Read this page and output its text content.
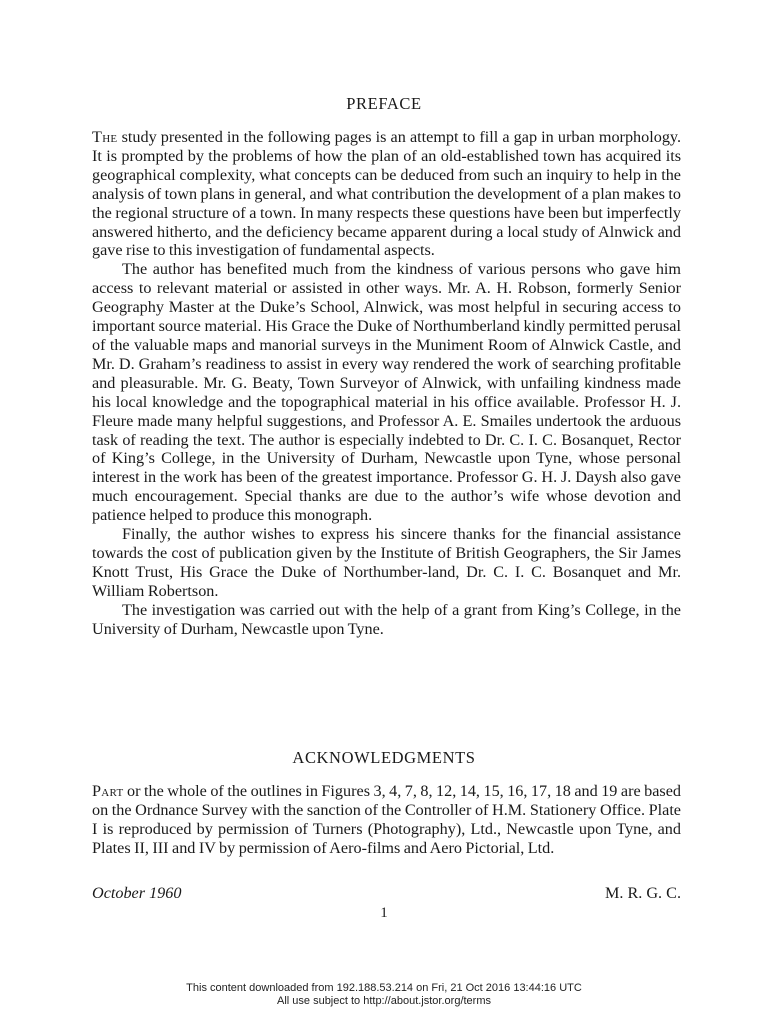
PREFACE

The study presented in the following pages is an attempt to fill a gap in urban morphology. It is prompted by the problems of how the plan of an old-established town has acquired its geographical complexity, what concepts can be deduced from such an inquiry to help in the analysis of town plans in general, and what contribution the development of a plan makes to the regional structure of a town. In many respects these questions have been but imperfectly answered hitherto, and the deficiency became apparent during a local study of Alnwick and gave rise to this investigation of fundamental aspects.

The author has benefited much from the kindness of various persons who gave him access to relevant material or assisted in other ways. Mr. A. H. Robson, formerly Senior Geography Master at the Duke’s School, Alnwick, was most helpful in securing access to important source material. His Grace the Duke of Northumberland kindly permitted perusal of the valuable maps and manorial surveys in the Muniment Room of Alnwick Castle, and Mr. D. Graham’s readiness to assist in every way rendered the work of searching profitable and pleasurable. Mr. G. Beaty, Town Surveyor of Alnwick, with unfailing kindness made his local knowledge and the topographical material in his office available. Professor H. J. Fleure made many helpful suggestions, and Professor A. E. Smailes undertook the arduous task of reading the text. The author is especially indebted to Dr. C. I. C. Bosanquet, Rector of King’s College, in the University of Durham, Newcastle upon Tyne, whose personal interest in the work has been of the greatest importance. Professor G. H. J. Daysh also gave much encouragement. Special thanks are due to the author’s wife whose devotion and patience helped to produce this monograph.

Finally, the author wishes to express his sincere thanks for the financial assistance towards the cost of publication given by the Institute of British Geographers, the Sir James Knott Trust, His Grace the Duke of Northumber-land, Dr. C. I. C. Bosanquet and Mr. William Robertson.

The investigation was carried out with the help of a grant from King’s College, in the University of Durham, Newcastle upon Tyne.

ACKNOWLEDGMENTS

Part or the whole of the outlines in Figures 3, 4, 7, 8, 12, 14, 15, 16, 17, 18 and 19 are based on the Ordnance Survey with the sanction of the Controller of H.M. Stationery Office. Plate I is reproduced by permission of Turners (Photography), Ltd., Newcastle upon Tyne, and Plates II, III and IV by permission of Aero-films and Aero Pictorial, Ltd.

October 1960	M. R. G. C.
1
This content downloaded from 192.188.53.214 on Fri, 21 Oct 2016 13:44:16 UTC
All use subject to http://about.jstor.org/terms
